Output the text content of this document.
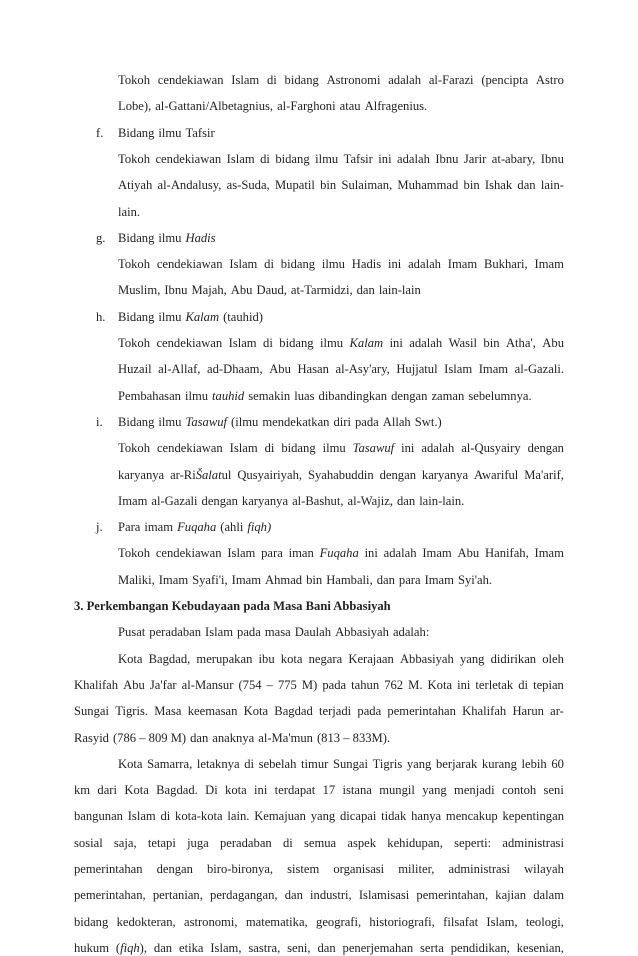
Tokoh cendekiawan Islam di bidang Astronomi adalah al-Farazi (pencipta Astro
Lobe), al-Gattani/Albetagnius, al-Farghoni atau Alfragenius.
f. Bidang ilmu Tafsir
Tokoh cendekiawan Islam di bidang ilmu Tafsir ini adalah Ibnu Jarir at-abary, Ibnu
Atiyah al-Andalusy, as-Suda, Mupatil bin Sulaiman, Muhammad bin Ishak dan lain-
lain.
g. Bidang ilmu Hadis
Tokoh cendekiawan Islam di bidang ilmu Hadis ini adalah Imam Bukhari, Imam
Muslim, Ibnu Majah, Abu Daud, at-Tarmidzi, dan lain-lain
h. Bidang ilmu Kalam (tauhid)
Tokoh cendekiawan Islam di bidang ilmu Kalam ini adalah Wasil bin Atha', Abu
Huzail al-Allaf, ad-Dhaam, Abu Hasan al-Asy'ary, Hujjatul Islam Imam al-Gazali.
Pembahasan ilmu tauhid semakin luas dibandingkan dengan zaman sebelumnya.
i. Bidang ilmu Tasawuf (ilmu mendekatkan diri pada Allah Swt.)
Tokoh cendekiawan Islam di bidang ilmu Tasawuf ini adalah al-Qusyairy dengan
karyanya ar-RiŠalatul Qusyairiyah, Syahabuddin dengan karyanya Awariful Ma'arif,
Imam al-Gazali dengan karyanya al-Bashut, al-Wajiz, dan lain-lain.
j. Para imam Fuqaha (ahli fiqh)
Tokoh cendekiawan Islam para iman Fuqaha ini adalah Imam Abu Hanifah, Imam
Maliki, Imam Syafi'i, Imam Ahmad bin Hambali, dan para Imam Syi'ah.
3. Perkembangan Kebudayaan pada Masa Bani Abbasiyah
Pusat peradaban Islam pada masa Daulah Abbasiyah adalah:
Kota Bagdad, merupakan ibu kota negara Kerajaan Abbasiyah yang didirikan oleh
Khalifah Abu Ja'far al-Mansur (754 – 775 M) pada tahun 762 M. Kota ini terletak di tepian
Sungai Tigris. Masa keemasan Kota Bagdad terjadi pada pemerintahan Khalifah Harun ar-
Rasyid (786 – 809 M) dan anaknya al-Ma'mun (813 – 833M).
Kota Samarra, letaknya di sebelah timur Sungai Tigris yang berjarak kurang lebih 60
km dari Kota Bagdad. Di kota ini terdapat 17 istana mungil yang menjadi contoh seni
bangunan Islam di kota-kota lain. Kemajuan yang dicapai tidak hanya mencakup kepentingan
sosial saja, tetapi juga peradaban di semua aspek kehidupan, seperti: administrasi
pemerintahan dengan biro-bironya, sistem organisasi militer, administrasi wilayah
pemerintahan, pertanian, perdagangan, dan industri, Islamisasi pemerintahan, kajian dalam
bidang kedokteran, astronomi, matematika, geografi, historiografi, filsafat Islam, teologi,
hukum (fiqh), dan etika Islam, sastra, seni, dan penerjemahan serta pendidikan, kesenian,
